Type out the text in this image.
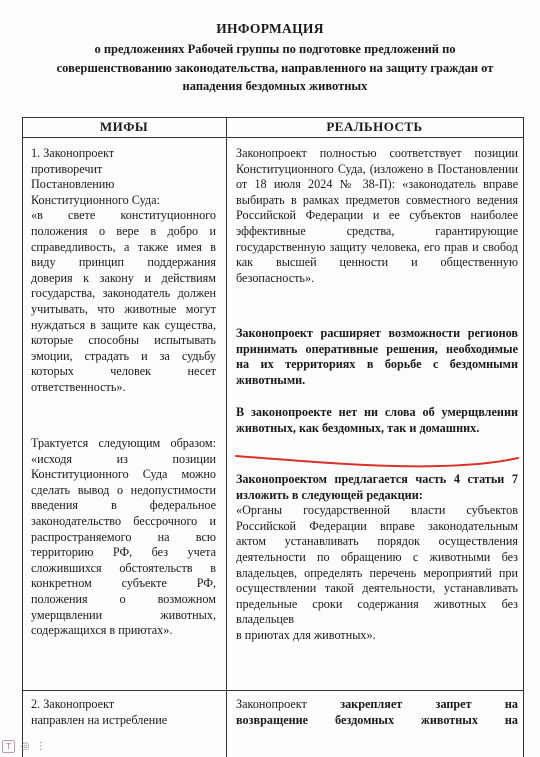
ИНФОРМАЦИЯ
о предложениях Рабочей группы по подготовке предложений по совершенствованию законодательства, направленного на защиту граждан от нападения бездомных животных
МИФЫ	РЕАЛЬНОСТЬ

1. Законопроект
противоречит
Постановлению
Конституционного Суда:
«в свете конституционного положения о вере в добро и справедливость, а также имея в виду принцип поддержания доверия к закону и действиям государства, законодатель должен учитывать, что животные могут нуждаться в защите как существа, которые способны испытывать эмоции, страдать и за судьбу которых человек несет ответственность».

Трактуется следующим образом: «исходя из позиции Конституционного Суда можно сделать вывод о недопустимости введения в федеральное законодательство бессрочного и распространяемого на всю территорию РФ, без учета сложившихся обстоятельств в конкретном субъекте РФ, положения о возможном умерщвлении животных, содержащихся в приютах».

Законопроект полностью соответствует позиции Конституционного Суда, (изложено в Постановлении от 18 июля 2024 № 38-П): «законодатель вправе выбирать в рамках предметов совместного ведения Российской Федерации и ее субъектов наиболее эффективные средства, гарантирующие государственную защиту человека, его прав и свобод как высшей ценности и общественную безопасность».

Законопроект расширяет возможности регионов принимать оперативные решения, необходимые на их территориях в борьбе с бездомными животными.

В законопроекте нет ни слова об умерщвлении животных, как бездомных, так и домашних.

Законопроектом предлагается часть 4 статьи 7 изложить в следующей редакции:

«Органы государственной власти субъектов Российской Федерации вправе законодательным актом устанавливать порядок осуществления деятельности по обращению с животными без владельцев, определять перечень мероприятий при осуществлении такой деятельности, устанавливать предельные сроки содержания животных без владельцев
в приютах для животных».

2. Законопроект
направлен на истребление

Законопроект закрепляет запрет на

возвращение бездомных животных на

T	◎ ⋮
